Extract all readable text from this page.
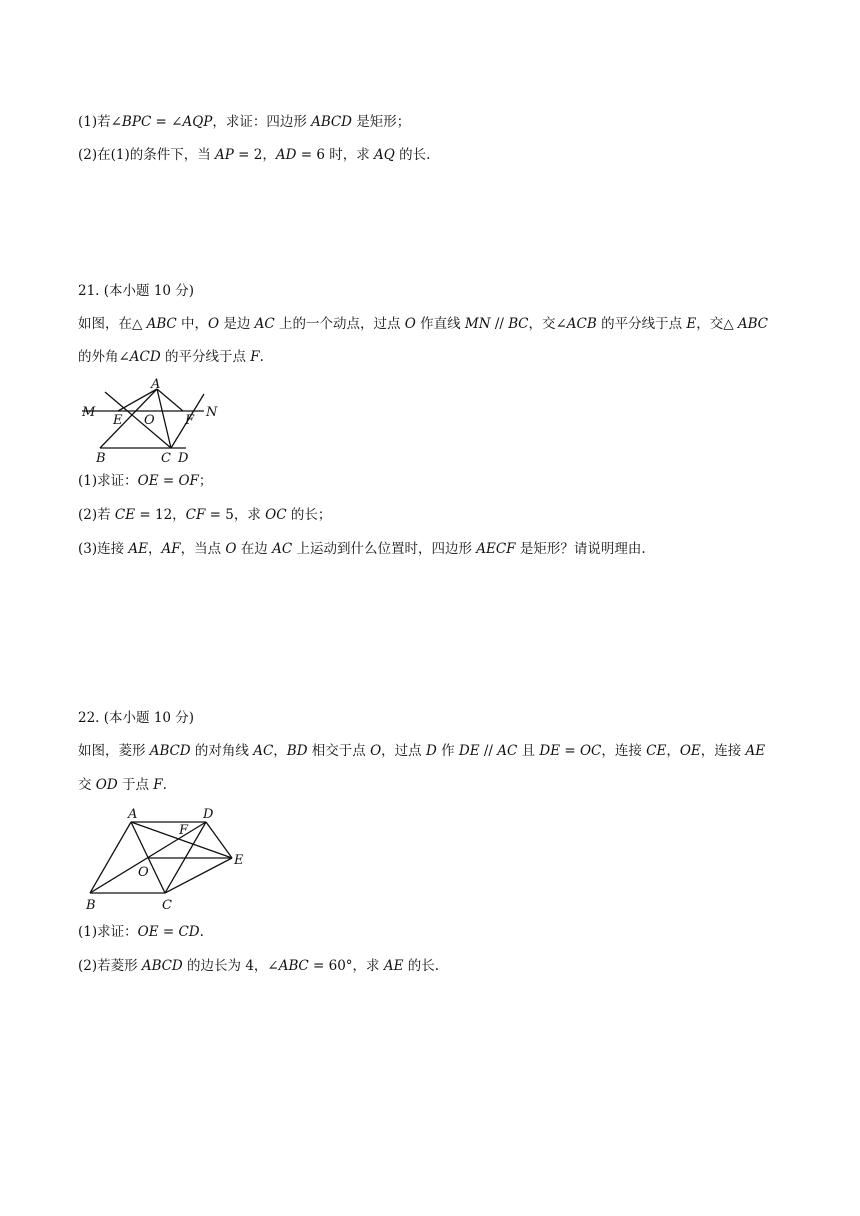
(1)若∠𝐵𝑃𝐶 = ∠𝐴𝑄𝑃，求证：四边形 𝐴𝐵𝐶𝐷 是矩形；
(2)在(1)的条件下，当 𝐴𝑃 = 2，𝐴𝐷 = 6 时，求 𝐴𝑄 的长.
21. (本小题 10 分)
如图，在△ 𝐴𝐵𝐶 中，𝑂 是边 𝐴𝐶 上的一个动点，过点 𝑂 作直线 𝑀𝑁 // 𝐵𝐶，交∠𝐴𝐶𝐵 的平分线于点 𝐸，交△ 𝐴𝐵𝐶
的外角∠𝐴𝐶𝐷 的平分线于点 𝐹.
M
E O
A
F
N
B	C D
(1)求证：𝑂𝐸 = 𝑂𝐹；
(2)若 𝐶𝐸 = 12，𝐶𝐹 = 5，求 𝑂𝐶 的长；
(3)连接 𝐴𝐸，𝐴𝐹，当点 𝑂 在边 𝐴𝐶 上运动到什么位置时，四边形 𝐴𝐸𝐶𝐹 是矩形？请说明理由.
22. (本小题 10 分)
如图，菱形 𝐴𝐵𝐶𝐷 的对角线 𝐴𝐶，𝐵𝐷 相交于点 𝑂，过点 𝐷 作 𝐷𝐸 // 𝐴𝐶 且 𝐷𝐸 = 𝑂𝐶，连接 𝐶𝐸，𝑂𝐸，连接 𝐴𝐸
交 𝑂𝐷 于点 𝐹.
A	D
F
E
O
B	C
(1)求证：𝑂𝐸 = 𝐶𝐷.
(2)若菱形 𝐴𝐵𝐶𝐷 的边长为 4，∠𝐴𝐵𝐶 = 60°，求 𝐴𝐸 的长.
